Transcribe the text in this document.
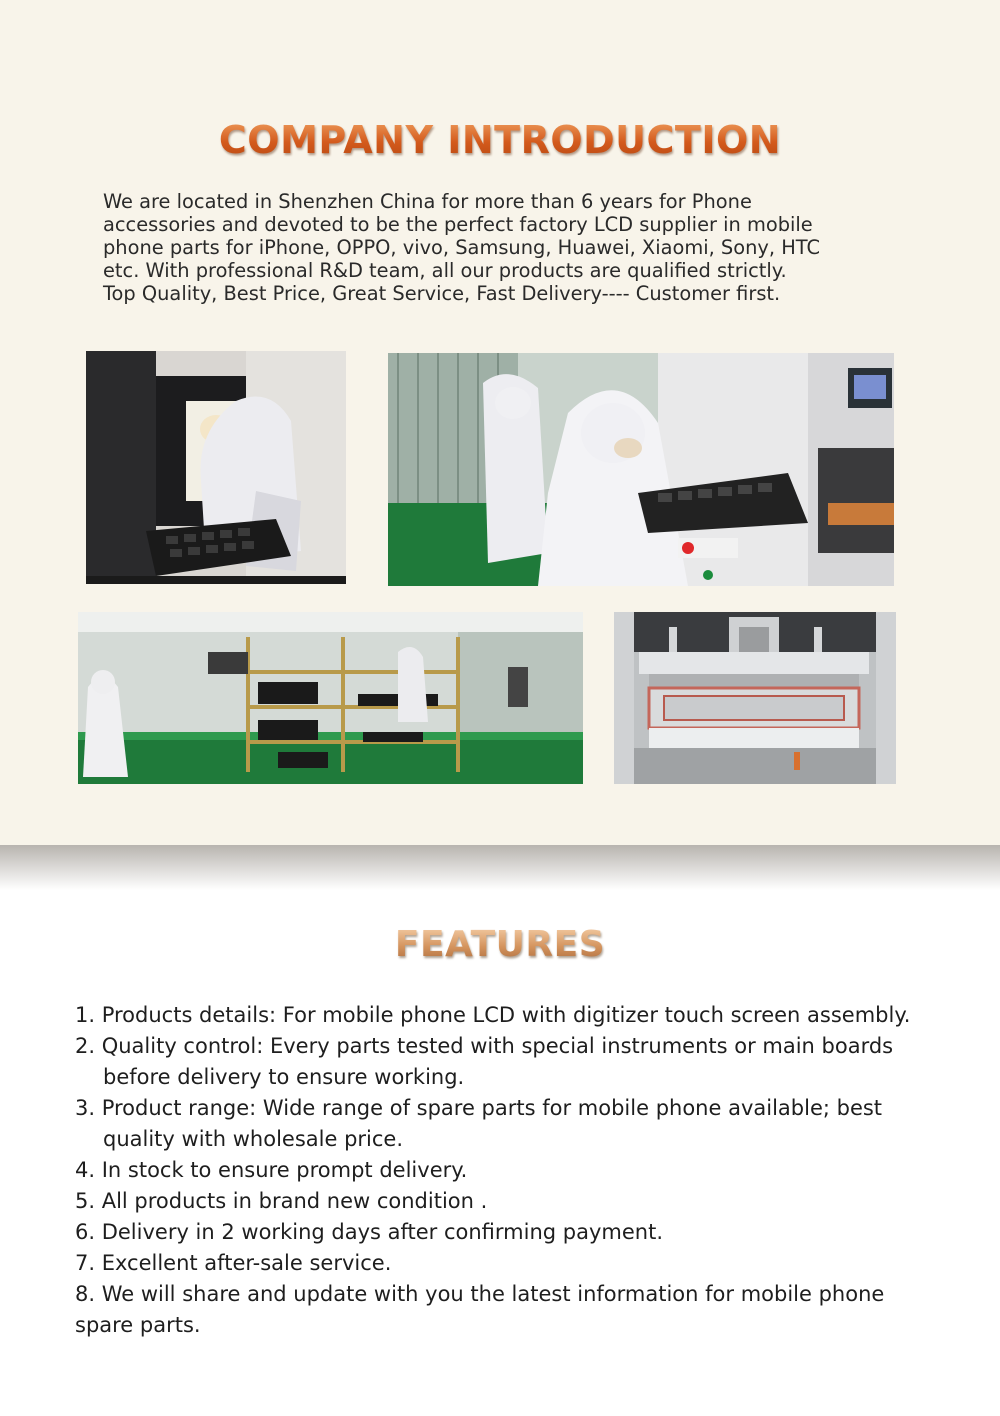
COMPANY INTRODUCTION

We are located in Shenzhen China for more than 6 years for Phone
accessories and devoted to be the perfect factory LCD supplier in mobile
phone parts for iPhone, OPPO, vivo, Samsung, Huawei, Xiaomi, Sony, HTC
etc. With professional R&D team, all our products are qualified strictly.
Top Quality, Best Price, Great Service, Fast Delivery---- Customer first.

FEATURES
1. Products details: For mobile phone LCD with digitizer touch screen assembly.
2. Quality control: Every parts tested with special instruments or main boards
before delivery to ensure working.
3. Product range: Wide range of spare parts for mobile phone available; best
quality with wholesale price.
4. In stock to ensure prompt delivery.
5. All products in brand new condition .
6. Delivery in 2 working days after confirming payment.
7. Excellent after-sale service.
8. We will share and update with you the latest information for mobile phone
spare parts.
